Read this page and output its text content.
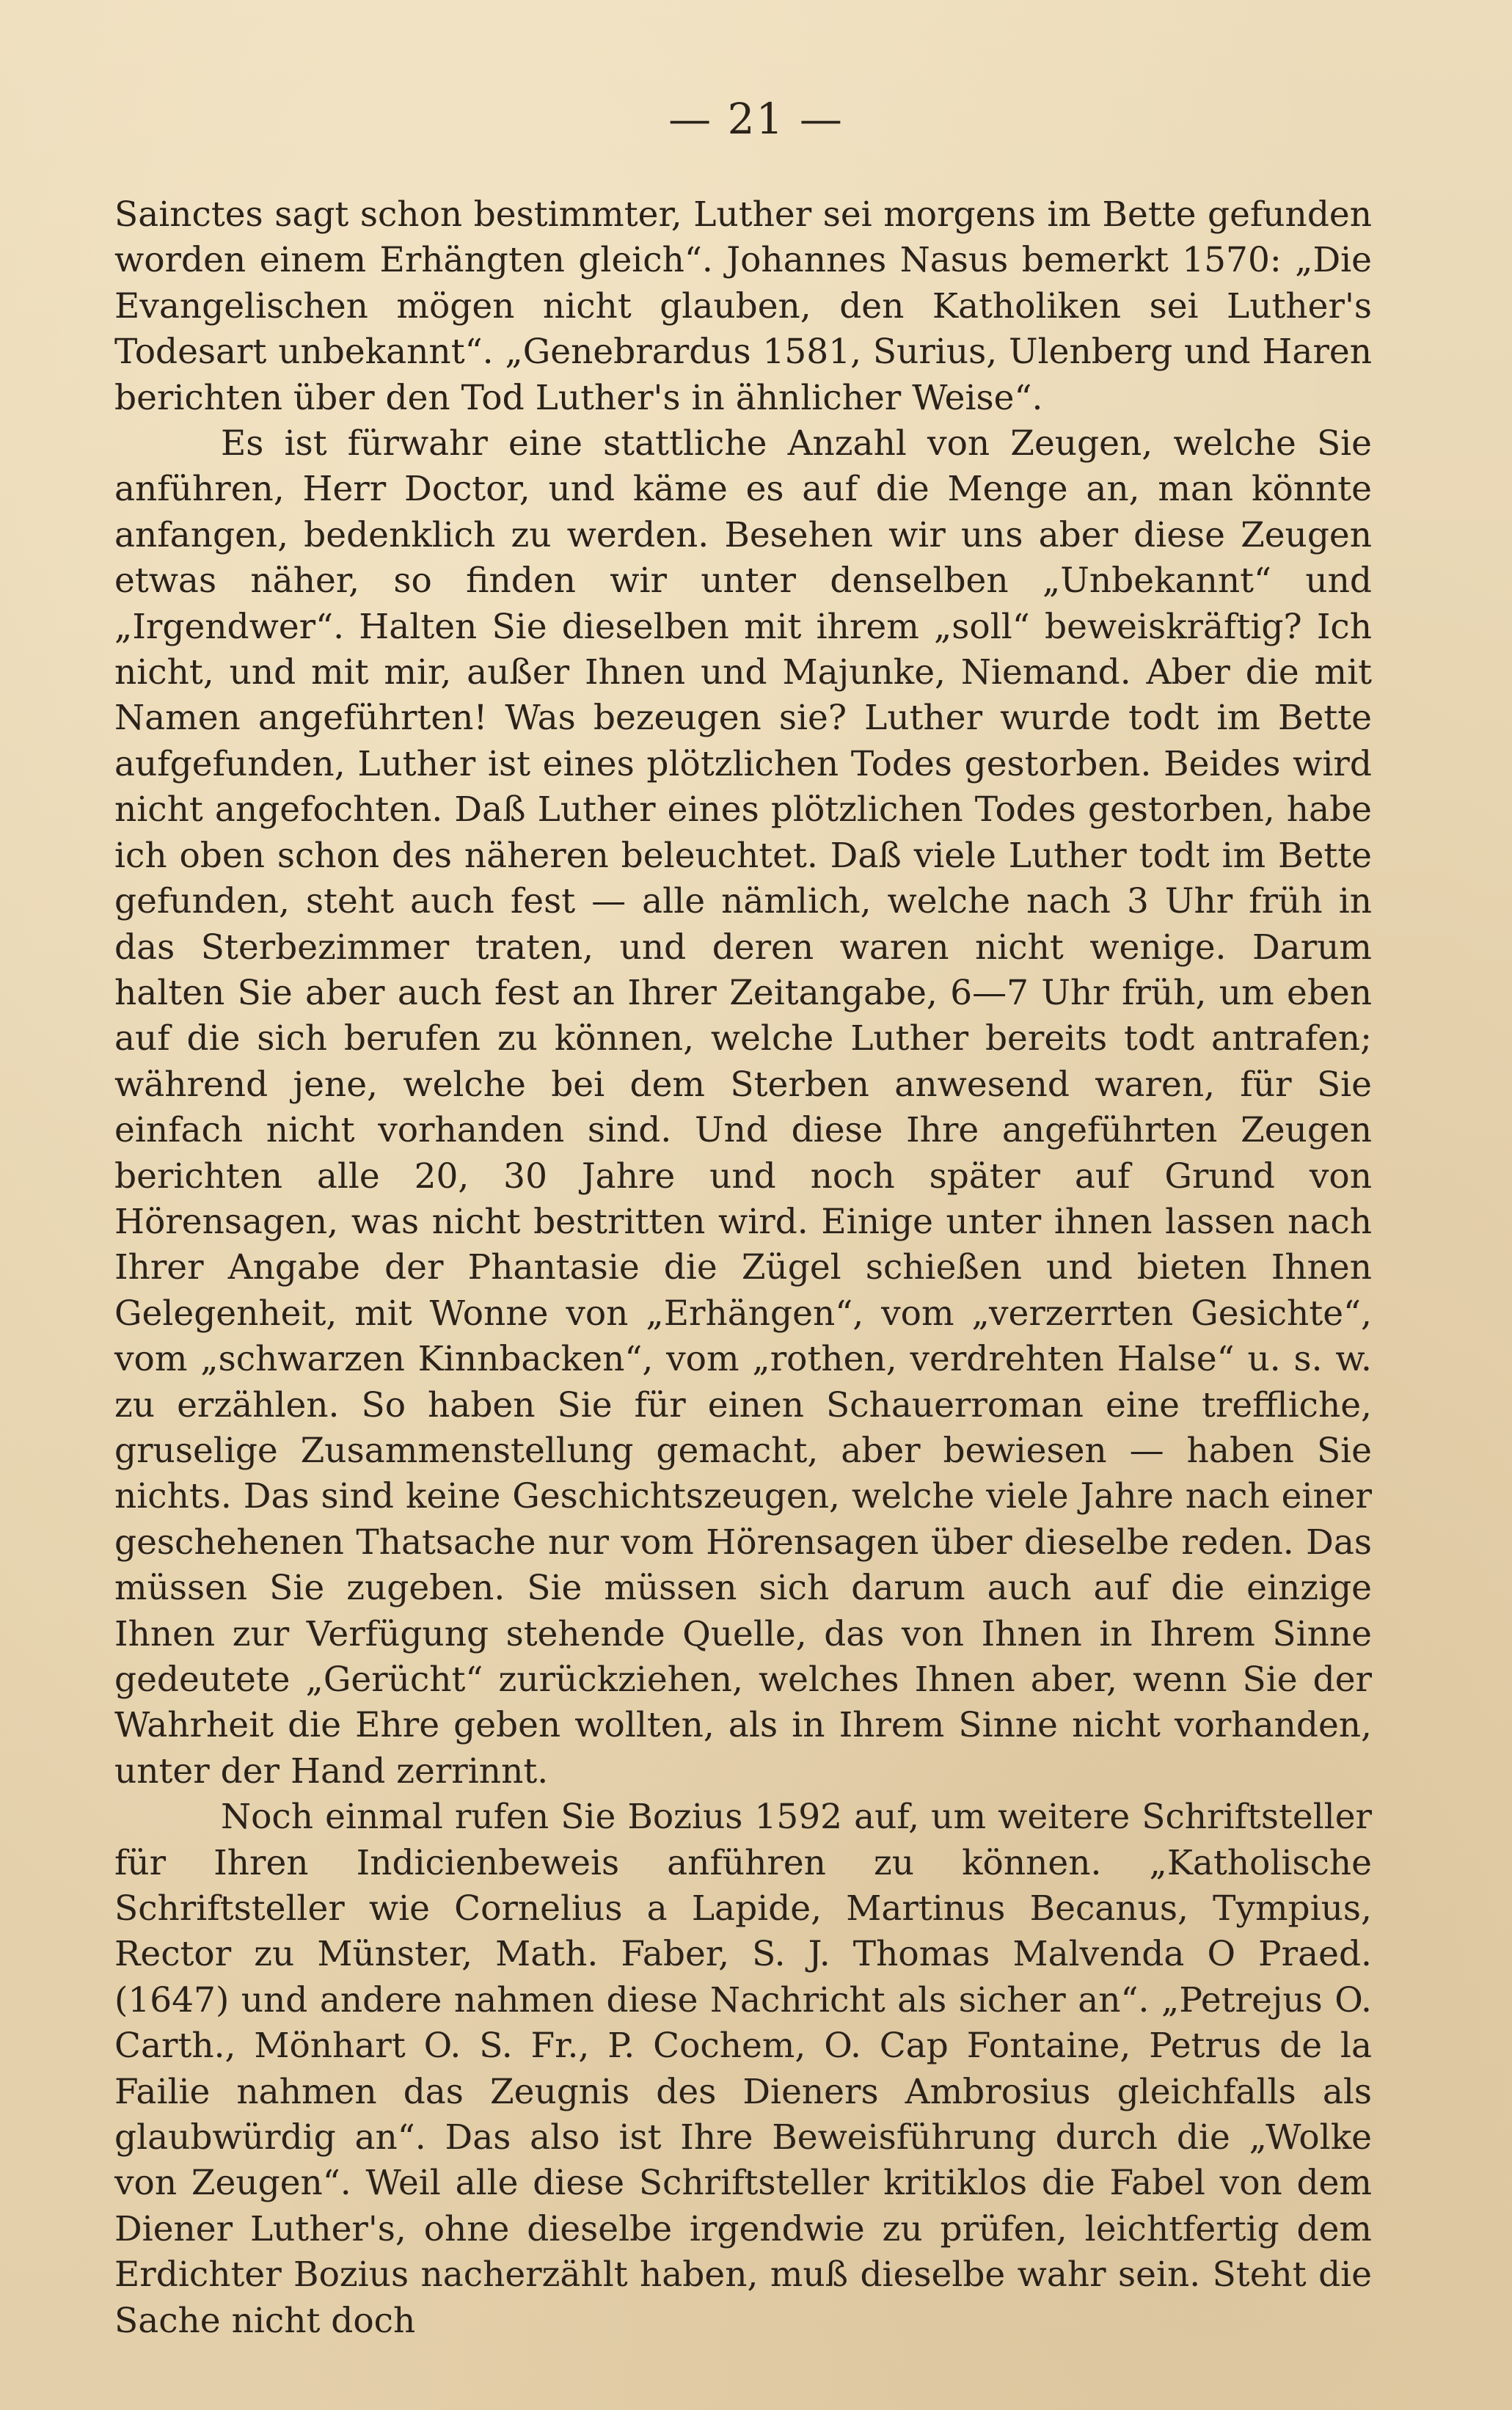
— 21 —

Sainctes sagt schon bestimmter, Luther sei morgens im Bette gefunden worden einem Erhängten gleich“. Johannes Nasus bemerkt 1570: „Die Evangelischen mögen nicht glauben, den Katholiken sei Luther's Todesart unbekannt“. „Genebrardus 1581, Surius, Ulenberg und Haren berichten über den Tod Luther's in ähnlicher Weise“.

Es ist fürwahr eine stattliche Anzahl von Zeugen, welche Sie anführen, Herr Doctor, und käme es auf die Menge an, man könnte anfangen, bedenklich zu werden. Besehen wir uns aber diese Zeugen etwas näher, so finden wir unter denselben „Unbekannt“ und „Irgendwer“. Halten Sie dieselben mit ihrem „soll“ beweiskräftig? Ich nicht, und mit mir, außer Ihnen und Majunke, Niemand. Aber die mit Namen angeführten! Was bezeugen sie? Luther wurde todt im Bette aufgefunden, Luther ist eines plötzlichen Todes gestorben. Beides wird nicht angefochten. Daß Luther eines plötzlichen Todes gestorben, habe ich oben schon des näheren beleuchtet. Daß viele Luther todt im Bette gefunden, steht auch fest — alle nämlich, welche nach 3 Uhr früh in das Sterbezimmer traten, und deren waren nicht wenige. Darum halten Sie aber auch fest an Ihrer Zeitangabe, 6—7 Uhr früh, um eben auf die sich berufen zu können, welche Luther bereits todt antrafen; während jene, welche bei dem Sterben anwesend waren, für Sie einfach nicht vorhanden sind. Und diese Ihre angeführten Zeugen berichten alle 20, 30 Jahre und noch später auf Grund von Hörensagen, was nicht bestritten wird. Einige unter ihnen lassen nach Ihrer Angabe der Phantasie die Zügel schießen und bieten Ihnen Gelegenheit, mit Wonne von „Erhängen“, vom „verzerrten Gesichte“, vom „schwarzen Kinnbacken“, vom „rothen, verdrehten Halse“ u. s. w. zu erzählen. So haben Sie für einen Schauerroman eine treffliche, gruselige Zusammenstellung gemacht, aber bewiesen — haben Sie nichts. Das sind keine Geschichtszeugen, welche viele Jahre nach einer geschehenen Thatsache nur vom Hörensagen über dieselbe reden. Das müssen Sie zugeben. Sie müssen sich darum auch auf die einzige Ihnen zur Verfügung stehende Quelle, das von Ihnen in Ihrem Sinne gedeutete „Gerücht“ zurückziehen, welches Ihnen aber, wenn Sie der Wahrheit die Ehre geben wollten, als in Ihrem Sinne nicht vorhanden, unter der Hand zerrinnt.

Noch einmal rufen Sie Bozius 1592 auf, um weitere Schriftsteller für Ihren Indicienbeweis anführen zu können. „Katholische Schriftsteller wie Cornelius a Lapide, Martinus Becanus, Tympius, Rector zu Münster, Math. Faber, S. J. Thomas Malvenda O Praed. (1647) und andere nahmen diese Nachricht als sicher an“. „Petrejus O. Carth., Mönhart O. S. Fr., P. Cochem, O. Cap Fontaine, Petrus de la Failie nahmen das Zeugnis des Dieners Ambrosius gleichfalls als glaubwürdig an“. Das also ist Ihre Beweisführung durch die „Wolke von Zeugen“. Weil alle diese Schriftsteller kritiklos die Fabel von dem Diener Luther's, ohne dieselbe irgendwie zu prüfen, leichtfertig dem Erdichter Bozius nacherzählt haben, muß dieselbe wahr sein. Steht die Sache nicht doch
